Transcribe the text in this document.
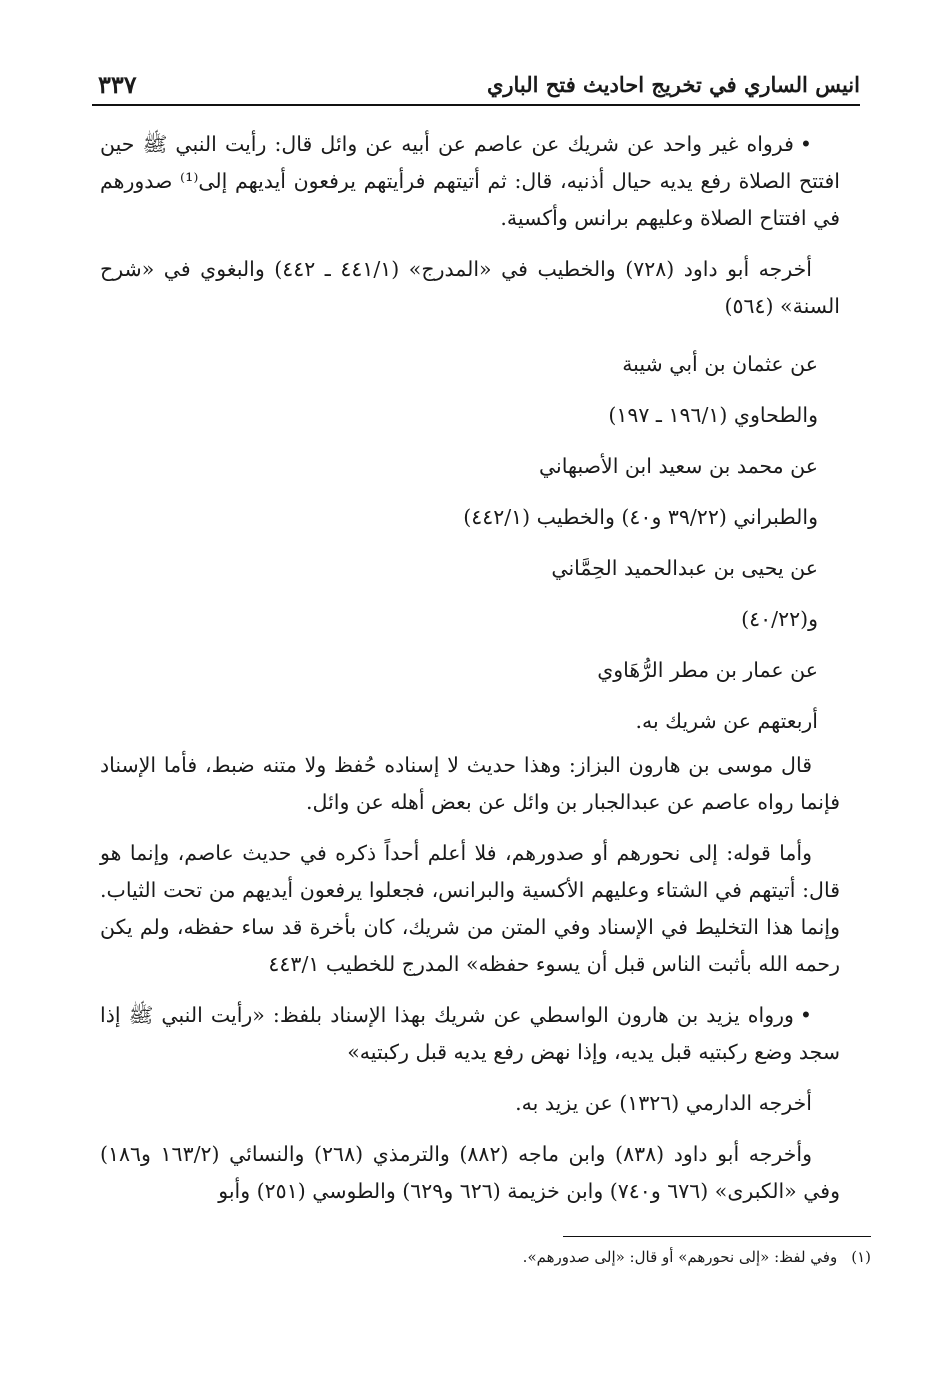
انيس الساري في تخريج احاديث فتح الباري
٣٣٧

•فرواه غير واحد عن شريك عن عاصم عن أبيه عن وائل قال: رأيت النبي ﷺ حين افتتح الصلاة رفع يديه حيال أذنيه، قال: ثم أتيتهم فرأيتهم يرفعون أيديهم إلى⁽¹⁾ صدورهم في افتتاح الصلاة وعليهم برانس وأكسية.

أخرجه أبو داود (٧٢٨) والخطيب في «المدرج» (٤٤١/١ ـ ٤٤٢) والبغوي في «شرح السنة» (٥٦٤)

عن عثمان بن أبي شيبة

والطحاوي (١٩٦/١ ـ ١٩٧)

عن محمد بن سعيد ابن الأصبهاني

والطبراني (٣٩/٢٢ و٤٠) والخطيب (٤٤٢/١)

عن يحيى بن عبدالحميد الحِمَّاني

و(٤٠/٢٢)

عن عمار بن مطر الرُّهَاوي

أربعتهم عن شريك به.

قال موسى بن هارون البزاز: وهذا حديث لا إسناده حُفظ ولا متنه ضبط، فأما الإسناد فإنما رواه عاصم عن عبدالجبار بن وائل عن بعض أهله عن وائل.

وأما قوله: إلى نحورهم أو صدورهم، فلا أعلم أحداً ذكره في حديث عاصم، وإنما هو قال: أتيتهم في الشتاء وعليهم الأكسية والبرانس، فجعلوا يرفعون أيديهم من تحت الثياب. وإنما هذا التخليط في الإسناد وفي المتن من شريك، كان بأخرة قد ساء حفظه، ولم يكن رحمه الله بأثبت الناس قبل أن يسوء حفظه» المدرج للخطيب ٤٤٣/١

•ورواه يزيد بن هارون الواسطي عن شريك بهذا الإسناد بلفظ: «رأيت النبي ﷺ إذا سجد وضع ركبتيه قبل يديه، وإذا نهض رفع يديه قبل ركبتيه»

أخرجه الدارمي (١٣٢٦) عن يزيد به.

وأخرجه أبو داود (٨٣٨) وابن ماجه (٨٨٢) والترمذي (٢٦٨) والنسائي (١٦٣/٢ و١٨٦) وفي «الكبرى» (٦٧٦ و٧٤٠) وابن خزيمة (٦٢٦ و٦٢٩) والطوسي (٢٥١) وأبو

(١)وفي لفظ: «إلى نحورهم» أو قال: «إلى صدورهم».
